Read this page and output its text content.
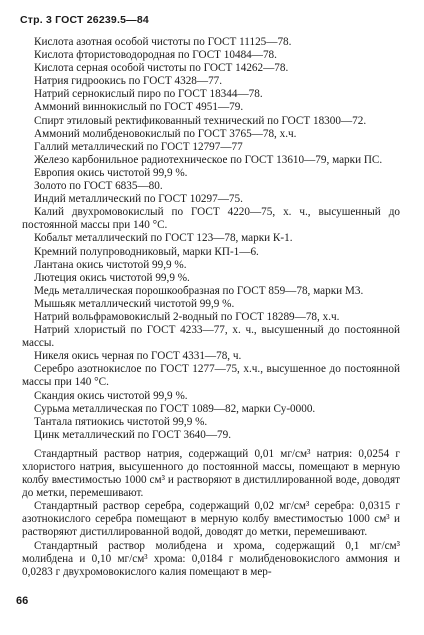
Стр. 3 ГОСТ 26239.5—84

Кислота азотная особой чистоты по ГОСТ 11125—78.

Кислота фтористоводородная по ГОСТ 10484—78.

Кислота серная особой чистоты по ГОСТ 14262—78.

Натрия гидроокись по ГОСТ 4328—77.

Натрий сернокислый пиро по ГОСТ 18344—78.

Аммоний виннокислый по ГОСТ 4951—79.

Спирт этиловый ректификованный технический по ГОСТ 18300—72.

Аммоний молибденовокислый по ГОСТ 3765—78, х.ч.

Галлий металлический по ГОСТ 12797—77

Железо карбонильное радиотехническое по ГОСТ 13610—79, марки ПС.

Европия окись чистотой 99,9 %.

Золото по ГОСТ 6835—80.

Индий металлический по ГОСТ 10297—75.

Калий двухромовокислый по ГОСТ 4220—75, х. ч., высушенный до постоянной массы при 140 °С.

Кобальт металлический по ГОСТ 123—78, марки К-1.

Кремний полупроводниковый, марки КП-1—6.

Лантана окись чистотой 99,9 %.

Лютеция окись чистотой 99,9 %.

Медь металлическая порошкообразная по ГОСТ 859—78, марки М3.

Мышьяк металлический чистотой 99,9 %.

Натрий вольфрамовокислый 2-водный по ГОСТ 18289—78, х.ч.

Натрий хлористый по ГОСТ 4233—77, х. ч., высушенный до постоянной массы.

Никеля окись черная по ГОСТ 4331—78, ч.

Серебро азотнокислое по ГОСТ 1277—75, х.ч., высушенное до постоянной массы при 140 °С.

Скандия окись чистотой 99,9 %.

Сурьма металлическая по ГОСТ 1089—82, марки Су-0000.

Тантала пятиокись чистотой 99,9 %.

Цинк металлический по ГОСТ 3640—79.

Стандартный раствор натрия, содержащий 0,01 мг/см³ натрия: 0,0254 г хлористого натрия, высушенного до постоянной массы, помещают в мерную колбу вместимостью 1000 см³ и растворяют в дистиллированной воде, доводят до метки, перемешивают.

Стандартный раствор серебра, содержащий 0,02 мг/см³ серебра: 0,0315 г азотнокислого серебра помещают в мерную колбу вместимостью 1000 см³ и растворяют дистиллированной водой, доводят до метки, перемешивают.

Стандартный раствор молибдена и хрома, содержащий 0,1 мг/см³ молибдена и 0,10 мг/см³ хрома: 0,0184 г молибденовокислого аммония и 0,0283 г двухромовокислого калия помещают в мер-

66
